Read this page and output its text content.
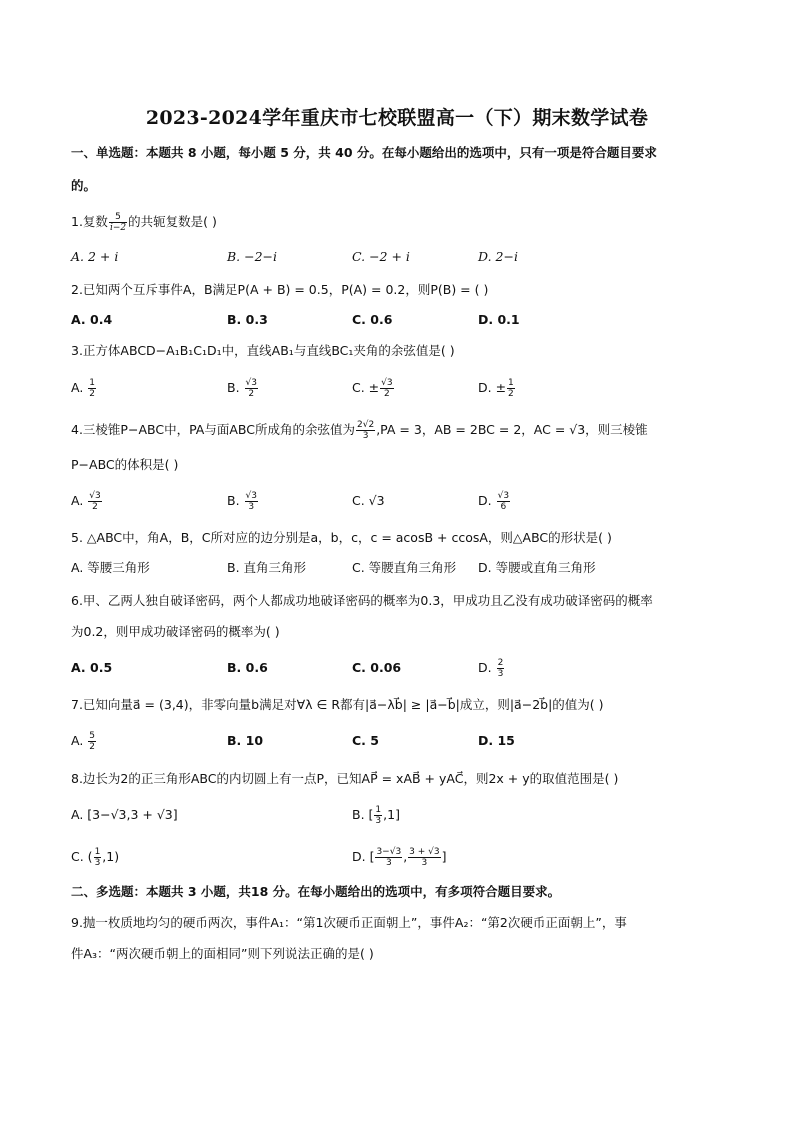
2023-2024学年重庆市七校联盟高一（下）期末数学试卷
一、单选题：本题共 8 小题，每小题 5 分，共 40 分。在每小题给出的选项中，只有一项是符合题目要求
的。
1.复数 $\frac{5}{i-2}$ 的共轭复数是( )
A. 2 + i	B. −2−i	C. −2 + i	D. 2−i
2.已知两个互斥事件A，B满足P(A + B) = 0.5，P(A) = 0.2，则P(B) = ( )
A. 0.4	B. 0.3	C. 0.6	D. 0.1
3.正方体ABCD−A₁B₁C₁D₁中，直线AB₁与直线BC₁夹角的余弦值是( )
A. $\frac{1}{2}$	B. $\frac{√3}{2}$	C. ± $\frac{√3}{2}$	D. ± $\frac{1}{2}$
4.三棱锥P−ABC中，PA与面ABC所成角的余弦值为 $\frac{2√2}{3} ,PA = 3$，AB = 2BC = 2，AC = √3，则三棱锥
P−ABC的体积是( )
A. $\frac{√3}{2}$	B. $\frac{√3}{3}$	C. √3	D. $\frac{√3}{6}$
5. △ABC中，角A，B，C所对应的边分别是a，b，c，c = acosB + ccosA，则△ABC的形状是( )
A. 等腰三角形	B. 直角三角形	C. 等腰直角三角形 D. 等腰或直角三角形
6.甲、乙两人独自破译密码，两个人都成功地破译密码的概率为0.3，甲成功且乙没有成功破译密码的概率
为0.2，则甲成功破译密码的概率为( )
A. 0.5	B. 0.6	C. 0.06	D. $\frac{2}{3}$
7.已知向量a⃗ = (3,4)，非零向量b满足对∀λ ∈ R都有|a⃗−λb⃗| ≥ |a⃗−b⃗|成立，则|a⃗−2b⃗|的值为( )
A. $\frac{5}{2}$	B. 10	C. 5	D. 15
8.边长为2的正三角形ABC的内切圆上有一点P，已知AP⃗ = xAB⃗ + yAC⃗，则2x + y的取值范围是( )
A. [3−√3,3 + √3]	B. [ $\frac{1}{3} ,1$]
C. ( $\frac{1}{3} ,1$)	D. [ $\frac{3-√3}{3}$ , $\frac{3 + √3}{3}$ ]
二、多选题：本题共 3 小题，共18 分。在每小题给出的选项中，有多项符合题目要求。
9.抛一枚质地均匀的硬币两次，事件A₁：“第1次硬币正面朝上”，事件A₂：“第2次硬币正面朝上”，事
件A₃：“两次硬币朝上的面相同”则下列说法正确的是( )
